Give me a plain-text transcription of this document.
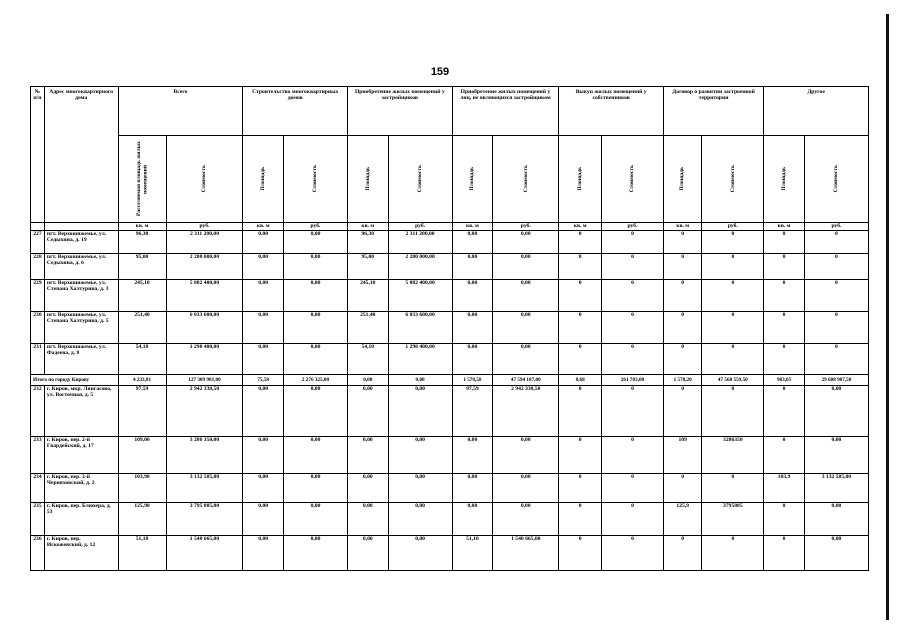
159
№ п/п	Адрес многоквартирного дома	Всего		Строительство многоквартирных домов		Приобретение жилых помещений у застройщиков		Приобретение жилых помещений у лиц, не являющихся застройщиком		Выкуп жилых помещений у собственников		Договор о развитии застроенной территории		Другое	

		Расселяемая площадь жилых помещений	Стоимость	Площадь	Стоимость	Площадь	Стоимость	Площадь	Стоимость	Площадь	Стоимость	Площадь	Стоимость	Площадь	Стоимость

		кв. м	руб.	кв. м	руб.	кв. м	руб.	кв. м	руб.	кв. м	руб.	кв. м	руб.	кв. м	руб.
227	пгт. Верхошижемье, ул. Седыхина, д. 19	96,30	2 311 200,00	0,00	0,00	96,30	2 311 200,00	0,00	0,00	0	0	0	0	0	0
228	пгт. Верхошижемье, ул. Седыхина, д. 6	95,00	2 280 000,00	0,00	0,00	95,00	2 280 000,00	0,00	0,00	0	0	0	0	0	0
229	пгт. Верхошижемье, ул. Степана Халтурина, д. 3	245,10	5 882 400,00	0,00	0,00	245,10	5 882 400,00	0,00	0,00	0	0	0	0	0	0
230	пгт. Верхошижемье, ул. Степана Халтурина, д. 5	251,40	6 033 600,00	0,00	0,00	251,40	6 033 600,00	0,00	0,00	0	0	0	0	0	0
231	пгт. Верхошижемье, ул. Фадеева, д. 8	54,10	1 298 400,00	0,00	0,00	54,10	1 298 400,00	0,00	0,00	0	0	0	0	0	0
Итого по городу Кирову		4 233,81	127 309 981,00	75,58	2 276 325,00	0,00	0,00	1 578,58	47 594 187,00	8,68	261 703,00	1 578,20	47 568 559,50	983,05	29 608 907,50
232	г. Киров, мкр. Лянгасово, ул. Восточная, д. 5	97,59	2 942 338,50	0,00	0,00	0,00	0,00	97,59	2 942 338,50	0	0	0	0	0	0,00
233	г. Киров, пер. 2-й Гвардейский, д. 17	109,00	3 286 350,00	0,00	0,00	0,00	0,00	0,00	0,00	0	0	109	3286350	0	0,00
234	г. Киров, пер. 2-й Черняховский, д. 2	103,90	3 132 585,00	0,00	0,00	0,00	0,00	0,00	0,00	0	0	0	0	103,9	3 132 585,00
235	г. Киров, пер. Блюхера, д. 53	125,90	3 795 885,00	0,00	0,00	0,00	0,00	0,00	0,00	0	0	125,9	3795885	0	0,00
236	г. Киров, пер. Искожевский, д. 12	51,10	1 540 665,00	0,00	0,00	0,00	0,00	51,10	1 540 665,00	0	0	0	0	0	0,00
